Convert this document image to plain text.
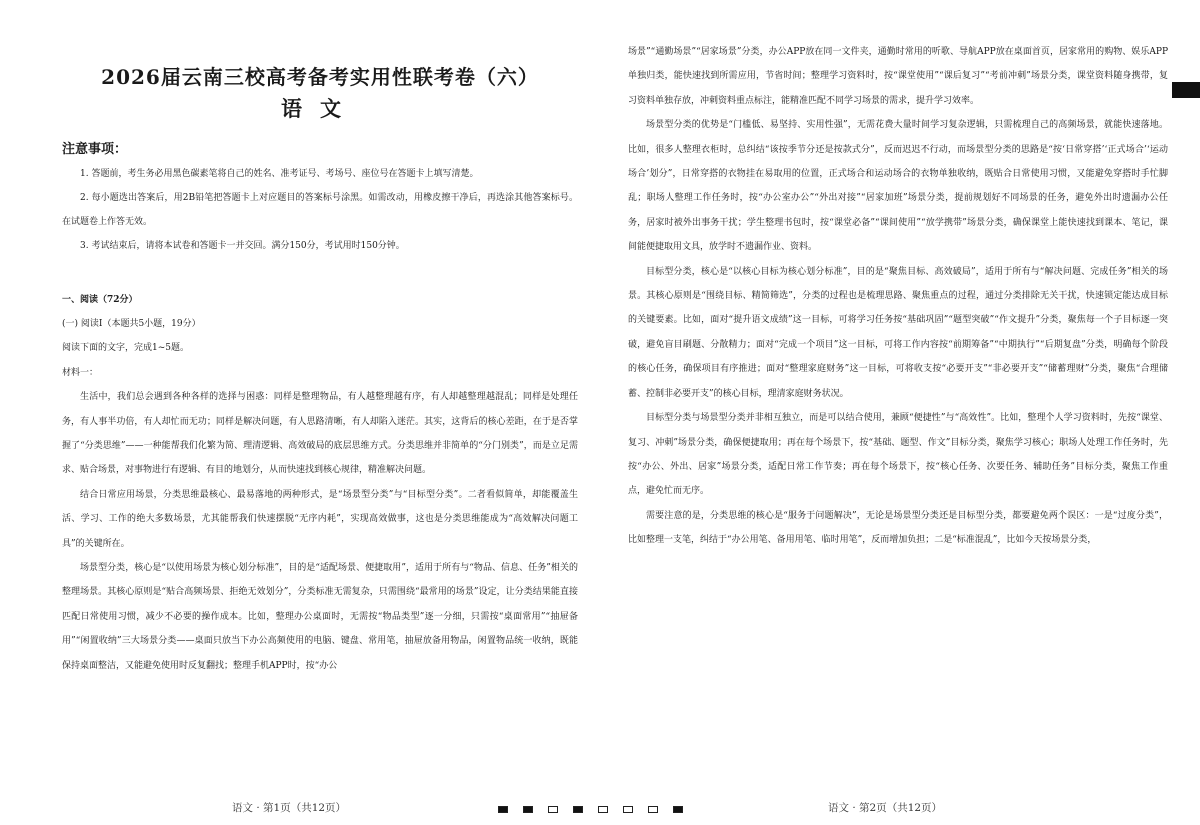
2026届云南三校高考备考实用性联考卷（六）
语文
注意事项：

1. 答题前，考生务必用黑色碳素笔将自己的姓名、准考证号、考场号、座位号在答题卡上填写清楚。

2. 每小题选出答案后，用2B铅笔把答题卡上对应题目的答案标号涂黑。如需改动，用橡皮擦干净后，再选涂其他答案标号。在试题卷上作答无效。

3. 考试结束后，请将本试卷和答题卡一并交回。满分150分，考试用时150分钟。

一、阅读（72分）

(一) 阅读Ⅰ（本题共5小题，19分）

阅读下面的文字，完成1~5题。

材料一：

生活中，我们总会遇到各种各样的选择与困惑：同样是整理物品，有人越整理越有序，有人却越整理越混乱；同样是处理任务，有人事半功倍，有人却忙而无功；同样是解决问题，有人思路清晰，有人却陷入迷茫。其实，这背后的核心差距，在于是否掌握了“分类思维”——一种能帮我们化繁为简、理清逻辑、高效破局的底层思维方式。分类思维并非简单的“分门别类”，而是立足需求、贴合场景，对事物进行有逻辑、有目的地划分，从而快速找到核心规律，精准解决问题。

结合日常应用场景，分类思维最核心、最易落地的两种形式，是“场景型分类”与“目标型分类”。二者看似简单，却能覆盖生活、学习、工作的绝大多数场景，尤其能帮我们快速摆脱“无序内耗”，实现高效做事，这也是分类思维能成为“高效解决问题工具”的关键所在。

场景型分类，核心是“以使用场景为核心划分标准”，目的是“适配场景、便捷取用”，适用于所有与“物品、信息、任务”相关的整理场景。其核心原则是“贴合高频场景、拒绝无效划分”，分类标准无需复杂，只需围绕“最常用的场景”设定，让分类结果能直接匹配日常使用习惯，减少不必要的操作成本。比如，整理办公桌面时，无需按“物品类型”逐一分细，只需按“桌面常用”“抽屉备用”“闲置收纳”三大场景分类——桌面只放当下办公高频使用的电脑、键盘、常用笔，抽屉放备用物品，闲置物品统一收纳，既能保持桌面整洁，又能避免使用时反复翻找；整理手机APP时，按“办公

场景”“通勤场景”“居家场景”分类，办公APP放在同一文件夹，通勤时常用的听歌、导航APP放在桌面首页，居家常用的购物、娱乐APP单独归类，能快速找到所需应用，节省时间；整理学习资料时，按“课堂使用”“课后复习”“考前冲刺”场景分类，课堂资料随身携带，复习资料单独存放，冲刺资料重点标注，能精准匹配不同学习场景的需求，提升学习效率。

场景型分类的优势是“门槛低、易坚持、实用性强”，无需花费大量时间学习复杂逻辑，只需梳理自己的高频场景，就能快速落地。比如，很多人整理衣柜时，总纠结“该按季节分还是按款式分”，反而迟迟不行动，而场景型分类的思路是“按‘日常穿搭’‘正式场合’‘运动场合’划分”，日常穿搭的衣物挂在易取用的位置，正式场合和运动场合的衣物单独收纳，既贴合日常使用习惯，又能避免穿搭时手忙脚乱；职场人整理工作任务时，按“办公室办公”“外出对接”“居家加班”场景分类，提前规划好不同场景的任务，避免外出时遗漏办公任务，居家时被外出事务干扰；学生整理书包时，按“课堂必备”“课间使用”“放学携带”场景分类，确保课堂上能快速找到课本、笔记，课间能便捷取用文具，放学时不遗漏作业、资料。

目标型分类，核心是“以核心目标为核心划分标准”，目的是“聚焦目标、高效破局”，适用于所有与“解决问题、完成任务”相关的场景。其核心原则是“围绕目标、精简筛选”，分类的过程也是梳理思路、聚焦重点的过程，通过分类排除无关干扰，快速锁定能达成目标的关键要素。比如，面对“提升语文成绩”这一目标，可将学习任务按“基础巩固”“题型突破”“作文提升”分类，聚焦每一个子目标逐一突破，避免盲目刷题、分散精力；面对“完成一个项目”这一目标，可将工作内容按“前期筹备”“中期执行”“后期复盘”分类，明确每个阶段的核心任务，确保项目有序推进；面对“整理家庭财务”这一目标，可将收支按“必要开支”“非必要开支”“储蓄理财”分类，聚焦“合理储蓄、控制非必要开支”的核心目标，理清家庭财务状况。

目标型分类与场景型分类并非相互独立，而是可以结合使用，兼顾“便捷性”与“高效性”。比如，整理个人学习资料时，先按“课堂、复习、冲刺”场景分类，确保便捷取用；再在每个场景下，按“基础、题型、作文”目标分类，聚焦学习核心；职场人处理工作任务时，先按“办公、外出、居家”场景分类，适配日常工作节奏；再在每个场景下，按“核心任务、次要任务、辅助任务”目标分类，聚焦工作重点，避免忙而无序。

需要注意的是，分类思维的核心是“服务于问题解决”，无论是场景型分类还是目标型分类，都要避免两个误区：一是“过度分类”，比如整理一支笔，纠结于“办公用笔、备用用笔、临时用笔”，反而增加负担；二是“标准混乱”，比如今天按场景分类，

语文 · 第1页（共12页）	语文 · 第2页（共12页）
